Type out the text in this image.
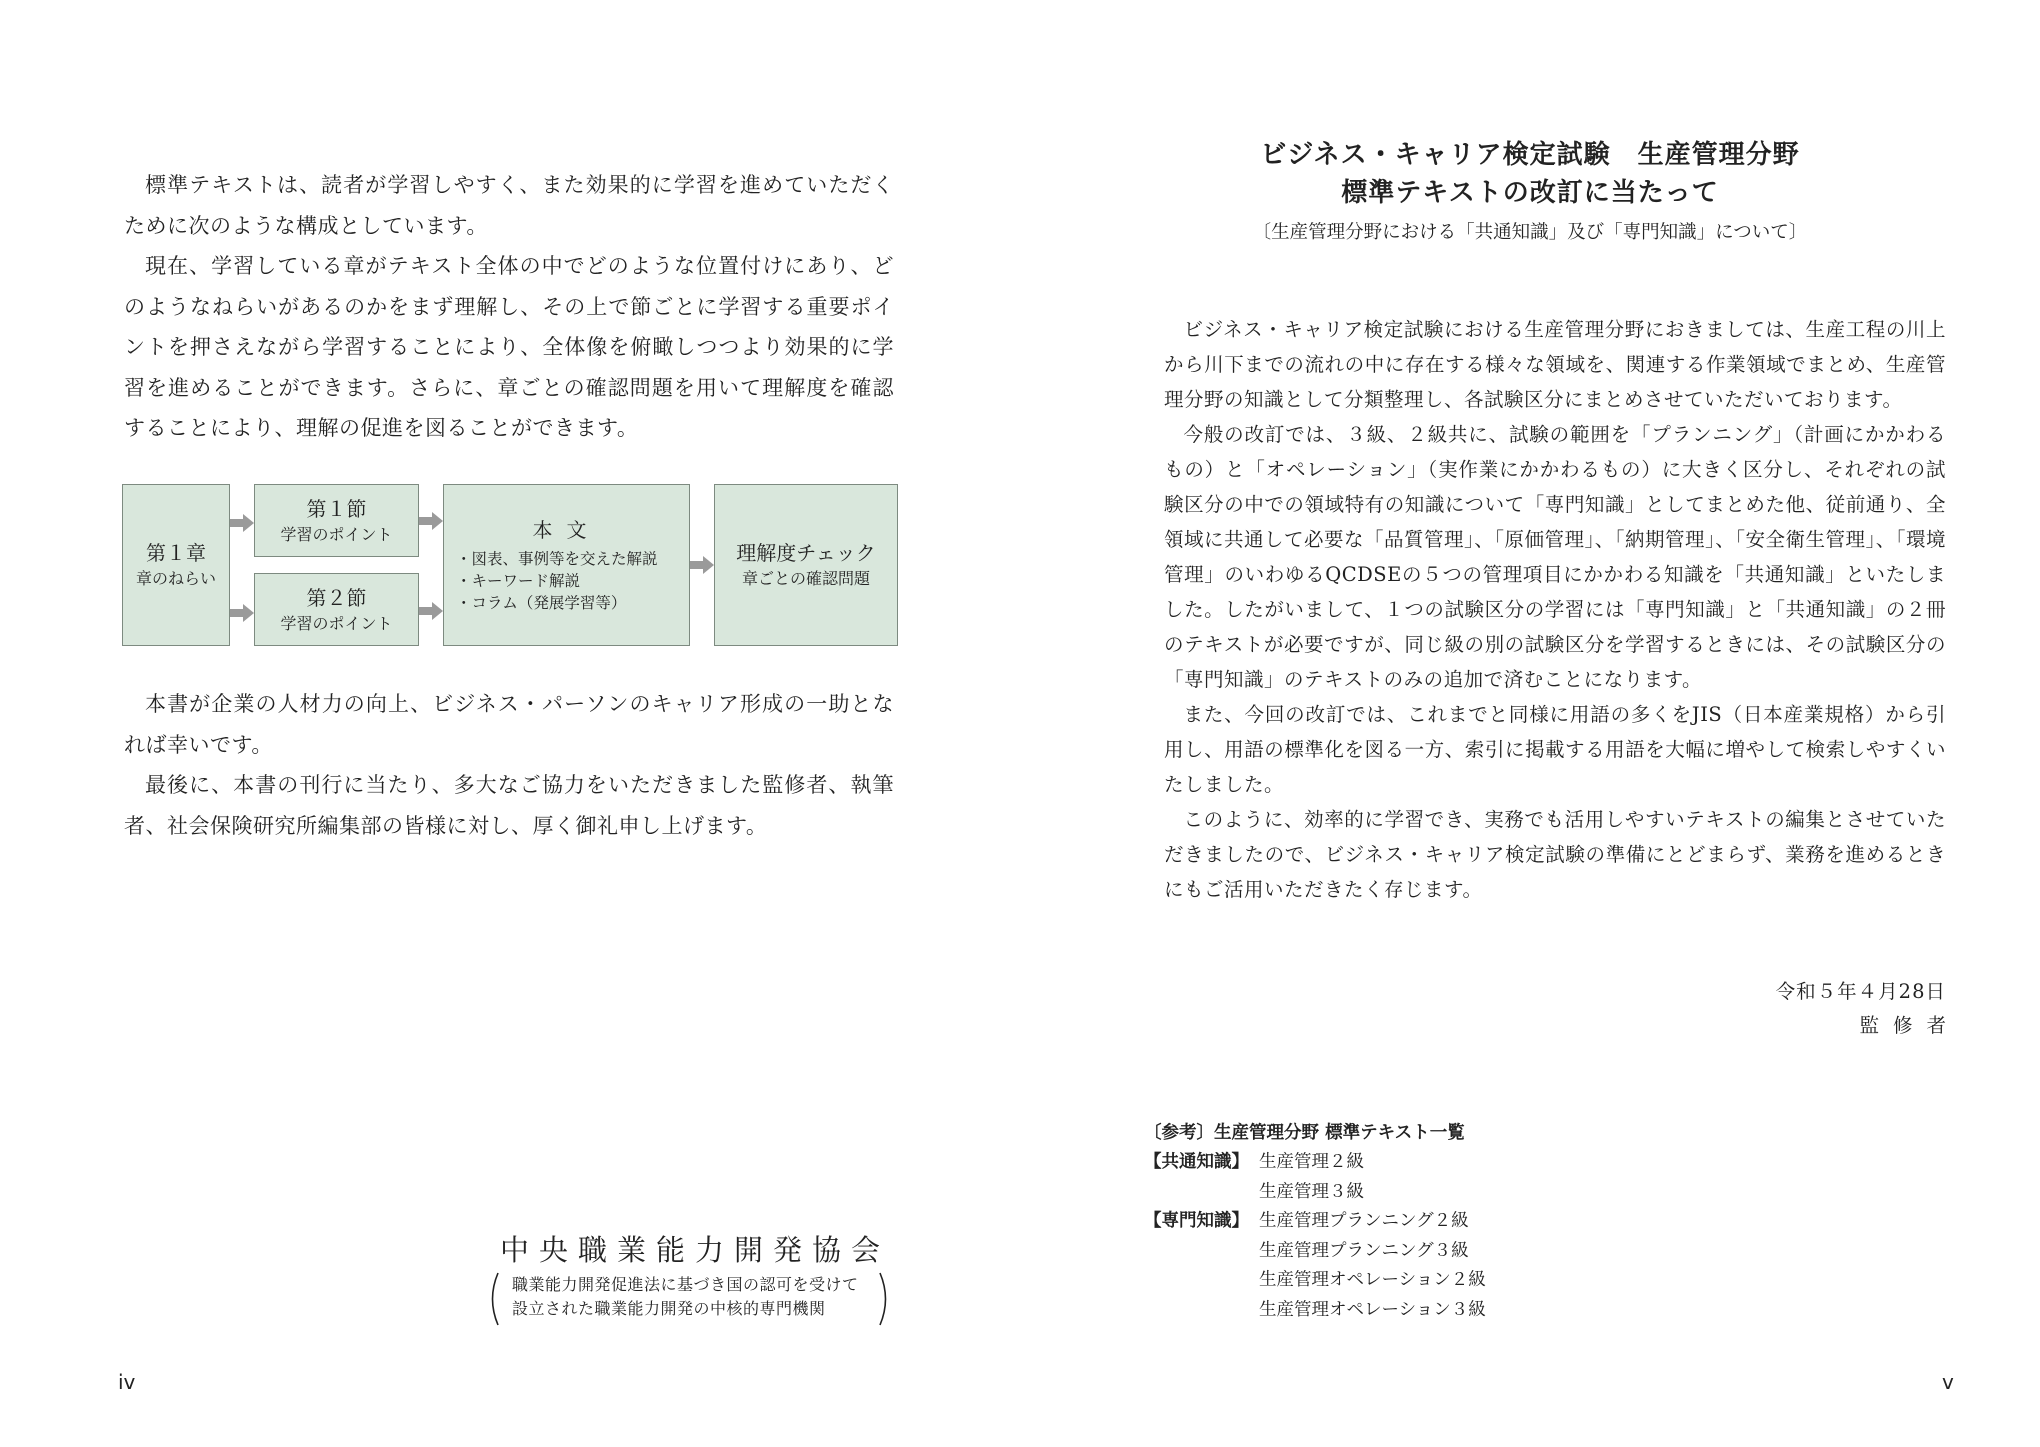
標準テキストは、読者が学習しやすく、また効果的に学習を進めていただくために次のような構成としています。

現在、学習している章がテキスト全体の中でどのような位置付けにあり、どのようなねらいがあるのかをまず理解し、その上で節ごとに学習する重要ポイントを押さえながら学習することにより、全体像を俯瞰しつつより効果的に学習を進めることができます。さらに、章ごとの確認問題を用いて理解度を確認することにより、理解の促進を図ることができます。

第１章
章のねらい
第１節
学習のポイント
第２節
学習のポイント
本文
・図表、事例等を交えた解説
・キーワード解説
・コラム（発展学習等）
理解度チェック
章ごとの確認問題

本書が企業の人材力の向上、ビジネス・パーソンのキャリア形成の一助となれば幸いです。

最後に、本書の刊行に当たり、多大なご協力をいただきました監修者、執筆者、社会保険研究所編集部の皆様に対し、厚く御礼申し上げます。

中央職業能力開発協会
職業能力開発促進法に基づき国の認可を受けて
設立された職業能力開発の中核的専門機関
iv
ビジネス・キャリア検定試験　生産管理分野
標準テキストの改訂に当たって
〔生産管理分野における「共通知識」及び「専門知識」について〕

ビジネス・キャリア検定試験における生産管理分野におきましては、生産工程の川上から川下までの流れの中に存在する様々な領域を、関連する作業領域でまとめ、生産管理分野の知識として分類整理し、各試験区分にまとめさせていただいております。

今般の改訂では、３級、２級共に、試験の範囲を「プランニング」（計画にかかわるもの）と「オペレーション」（実作業にかかわるもの）に大きく区分し、それぞれの試験区分の中での領域特有の知識について「専門知識」としてまとめた他、従前通り、全領域に共通して必要な「品質管理」、「原価管理」、「納期管理」、「安全衛生管理」、「環境管理」のいわゆるQCDSEの５つの管理項目にかかわる知識を「共通知識」といたしました。したがいまして、１つの試験区分の学習には「専門知識」と「共通知識」の２冊のテキストが必要ですが、同じ級の別の試験区分を学習するときには、その試験区分の「専門知識」のテキストのみの追加で済むことになります。

また、今回の改訂では、これまでと同様に用語の多くをJIS（日本産業規格）から引用し、用語の標準化を図る一方、索引に掲載する用語を大幅に増やして検索しやすくいたしました。

このように、効率的に学習でき、実務でも活用しやすいテキストの編集とさせていただきましたので、ビジネス・キャリア検定試験の準備にとどまらず、業務を進めるときにもご活用いただきたく存じます。

令和５年４月28日
監修者
〔参考〕生産管理分野 標準テキスト一覧
【共通知識】 生産管理２級
生産管理３級
【専門知識】 生産管理プランニング２級
生産管理プランニング３級
生産管理オペレーション２級
生産管理オペレーション３級
v
